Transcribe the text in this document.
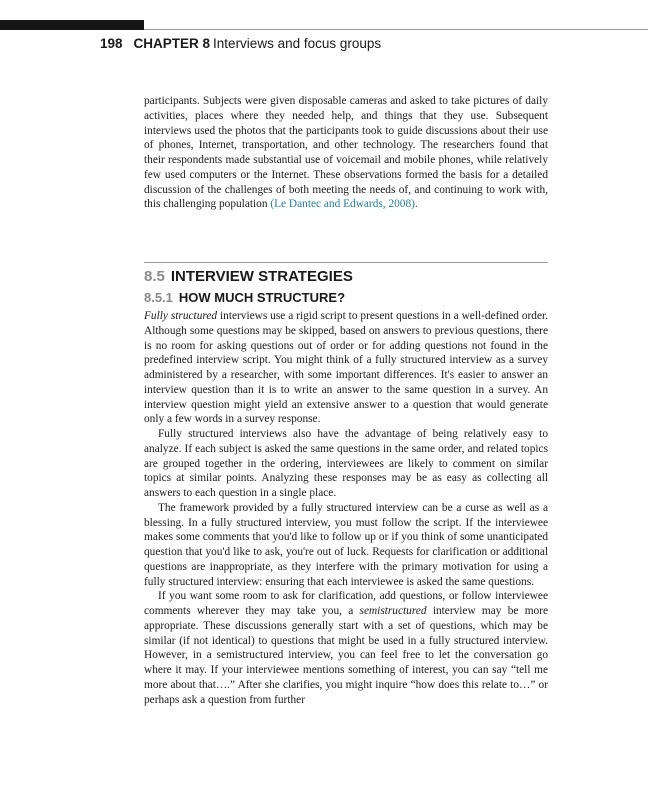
198 CHAPTER 8 Interviews and focus groups

participants. Subjects were given disposable cameras and asked to take pictures of daily activities, places where they needed help, and things that they use. Subsequent interviews used the photos that the participants took to guide discussions about their use of phones, Internet, transportation, and other technology. The researchers found that their respondents made substantial use of voicemail and mobile phones, while relatively few used computers or the Internet. These observations formed the basis for a detailed discussion of the challenges of both meeting the needs of, and continuing to work with, this challenging population (Le Dantec and Edwards, 2008).

8.5 INTERVIEW STRATEGIES
8.5.1 HOW MUCH STRUCTURE?

Fully structured interviews use a rigid script to present questions in a well-defined order. Although some questions may be skipped, based on answers to previous questions, there is no room for asking questions out of order or for adding questions not found in the predefined interview script. You might think of a fully structured interview as a survey administered by a researcher, with some important differences. It's easier to answer an interview question than it is to write an answer to the same question in a survey. An interview question might yield an extensive answer to a question that would generate only a few words in a survey response.

Fully structured interviews also have the advantage of being relatively easy to analyze. If each subject is asked the same questions in the same order, and related topics are grouped together in the ordering, interviewees are likely to comment on similar topics at similar points. Analyzing these responses may be as easy as collecting all answers to each question in a single place.

The framework provided by a fully structured interview can be a curse as well as a blessing. In a fully structured interview, you must follow the script. If the interviewee makes some comments that you'd like to follow up or if you think of some unanticipated question that you'd like to ask, you're out of luck. Requests for clarification or additional questions are inappropriate, as they interfere with the primary motivation for using a fully structured interview: ensuring that each interviewee is asked the same questions.

If you want some room to ask for clarification, add questions, or follow interviewee comments wherever they may take you, a semistructured interview may be more appropriate. These discussions generally start with a set of questions, which may be similar (if not identical) to questions that might be used in a fully structured interview. However, in a semistructured interview, you can feel free to let the conversation go where it may. If your interviewee mentions something of interest, you can say “tell me more about that….” After she clarifies, you might inquire “how does this relate to…” or perhaps ask a question from further
